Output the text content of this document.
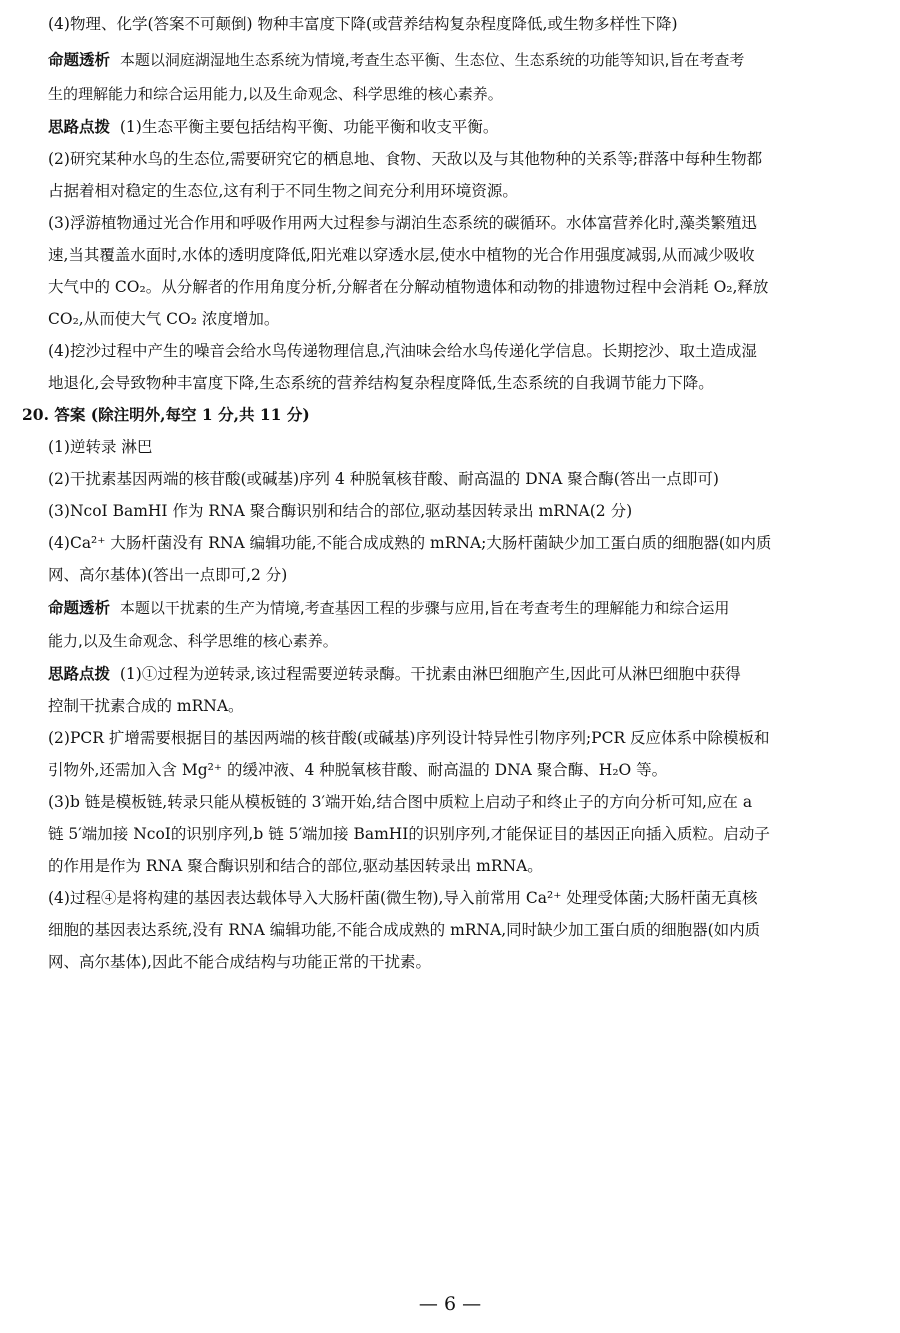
(4)物理、化学(答案不可颠倒) 物种丰富度下降(或营养结构复杂程度降低,或生物多样性下降)
命题透析 本题以洞庭湖湿地生态系统为情境,考查生态平衡、生态位、生态系统的功能等知识,旨在考查考
生的理解能力和综合运用能力,以及生命观念、科学思维的核心素养。
思路点拨 (1)生态平衡主要包括结构平衡、功能平衡和收支平衡。
(2)研究某种水鸟的生态位,需要研究它的栖息地、食物、天敌以及与其他物种的关系等;群落中每种生物都
占据着相对稳定的生态位,这有利于不同生物之间充分利用环境资源。
(3)浮游植物通过光合作用和呼吸作用两大过程参与湖泊生态系统的碳循环。水体富营养化时,藻类繁殖迅
速,当其覆盖水面时,水体的透明度降低,阳光难以穿透水层,使水中植物的光合作用强度减弱,从而减少吸收
大气中的 CO₂。从分解者的作用角度分析,分解者在分解动植物遗体和动物的排遗物过程中会消耗 O₂,释放
CO₂,从而使大气 CO₂ 浓度增加。
(4)挖沙过程中产生的噪音会给水鸟传递物理信息,汽油味会给水鸟传递化学信息。长期挖沙、取土造成湿
地退化,会导致物种丰富度下降,生态系统的营养结构复杂程度降低,生态系统的自我调节能力下降。
20. 答案 (除注明外,每空 1 分,共 11 分)
(1)逆转录 淋巴
(2)干扰素基因两端的核苷酸(或碱基)序列 4 种脱氧核苷酸、耐高温的 DNA 聚合酶(答出一点即可)
(3)NcoⅠ BamHⅠ 作为 RNA 聚合酶识别和结合的部位,驱动基因转录出 mRNA(2 分)
(4)Ca²⁺ 大肠杆菌没有 RNA 编辑功能,不能合成成熟的 mRNA;大肠杆菌缺少加工蛋白质的细胞器(如内质
网、高尔基体)(答出一点即可,2 分)
命题透析 本题以干扰素的生产为情境,考查基因工程的步骤与应用,旨在考查考生的理解能力和综合运用
能力,以及生命观念、科学思维的核心素养。
思路点拨 (1)①过程为逆转录,该过程需要逆转录酶。干扰素由淋巴细胞产生,因此可从淋巴细胞中获得
控制干扰素合成的 mRNA。
(2)PCR 扩增需要根据目的基因两端的核苷酸(或碱基)序列设计特异性引物序列;PCR 反应体系中除模板和
引物外,还需加入含 Mg²⁺ 的缓冲液、4 种脱氧核苷酸、耐高温的 DNA 聚合酶、H₂O 等。
(3)b 链是模板链,转录只能从模板链的 3′端开始,结合图中质粒上启动子和终止子的方向分析可知,应在 a
链 5′端加接 NcoⅠ的识别序列,b 链 5′端加接 BamHⅠ的识别序列,才能保证目的基因正向插入质粒。启动子
的作用是作为 RNA 聚合酶识别和结合的部位,驱动基因转录出 mRNA。
(4)过程④是将构建的基因表达载体导入大肠杆菌(微生物),导入前常用 Ca²⁺ 处理受体菌;大肠杆菌无真核
细胞的基因表达系统,没有 RNA 编辑功能,不能合成成熟的 mRNA,同时缺少加工蛋白质的细胞器(如内质
网、高尔基体),因此不能合成结构与功能正常的干扰素。
— 6 —
